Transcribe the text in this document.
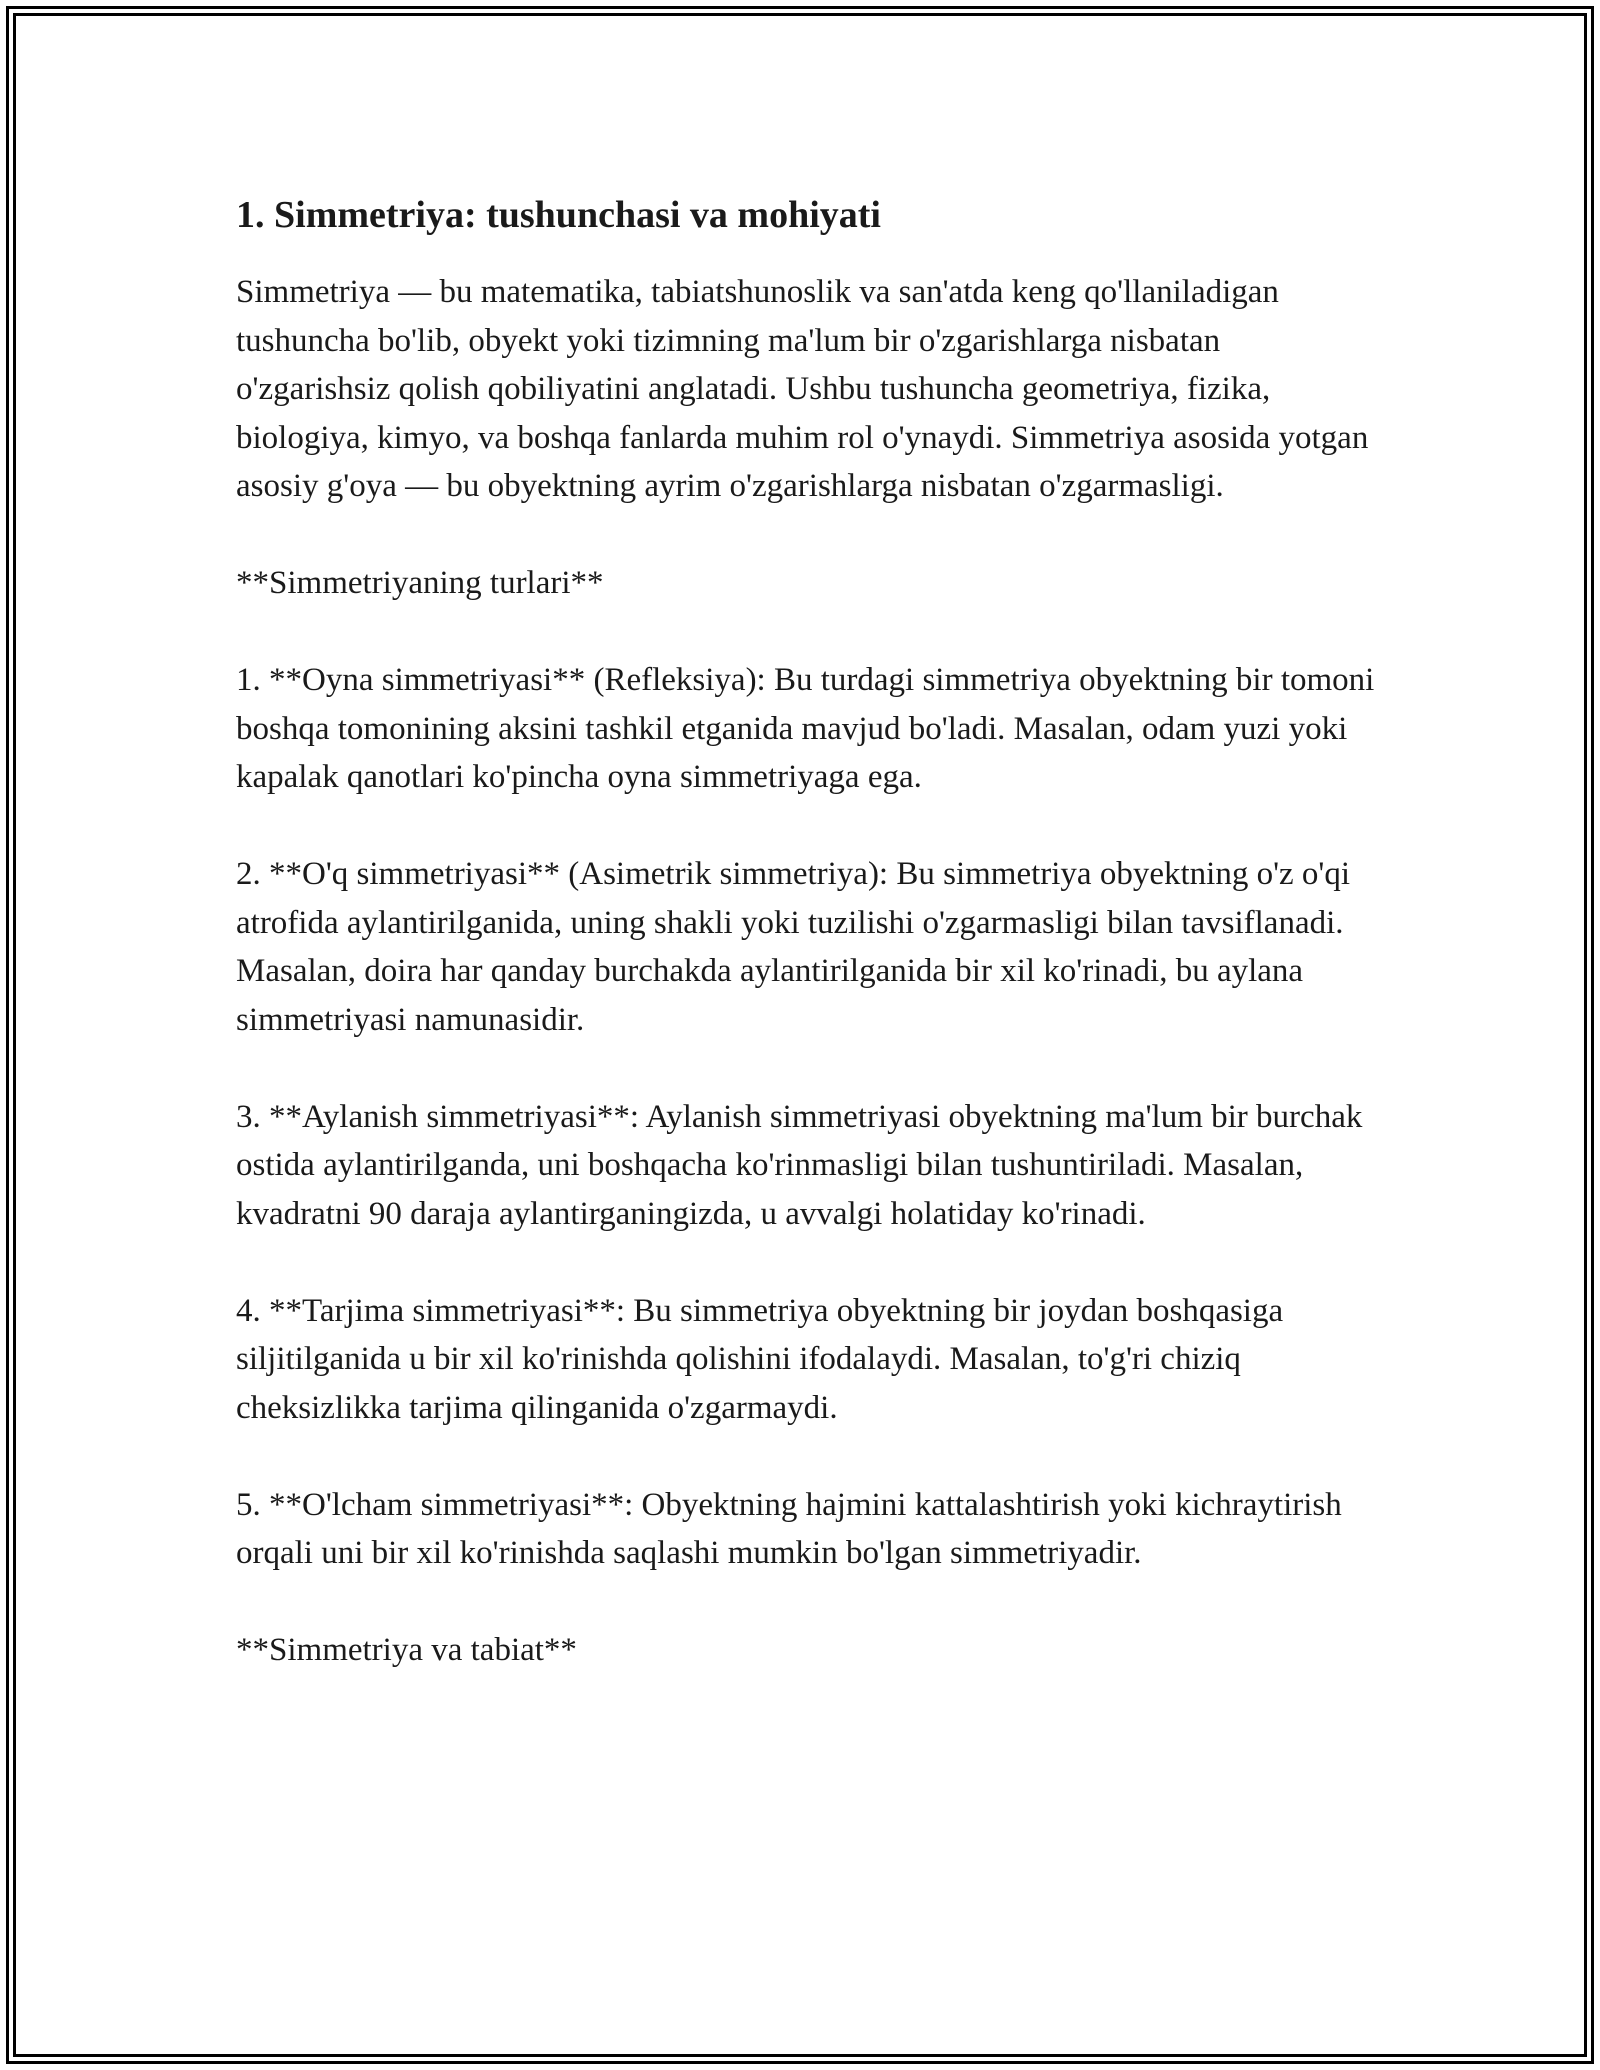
1. Simmetriya: tushunchasi va mohiyati

Simmetriya — bu matematika, tabiatshunoslik va san'atda keng qo'llaniladigan tushuncha bo'lib, obyekt yoki tizimning ma'lum bir o'zgarishlarga nisbatan o'zgarishsiz qolish qobiliyatini anglatadi. Ushbu tushuncha geometriya, fizika, biologiya, kimyo, va boshqa fanlarda muhim rol o'ynaydi. Simmetriya asosida yotgan asosiy g'oya — bu obyektning ayrim o'zgarishlarga nisbatan o'zgarmasligi.

**Simmetriyaning turlari**

1. **Oyna simmetriyasi** (Refleksiya): Bu turdagi simmetriya obyektning bir tomoni boshqa tomonining aksini tashkil etganida mavjud bo'ladi. Masalan, odam yuzi yoki kapalak qanotlari ko'pincha oyna simmetriyaga ega.

2. **O'q simmetriyasi** (Asimetrik simmetriya): Bu simmetriya obyektning o'z o'qi atrofida aylantirilganida, uning shakli yoki tuzilishi o'zgarmasligi bilan tavsiflanadi. Masalan, doira har qanday burchakda aylantirilganida bir xil ko'rinadi, bu aylana simmetriyasi namunasidir.

3. **Aylanish simmetriyasi**: Aylanish simmetriyasi obyektning ma'lum bir burchak ostida aylantirilganda, uni boshqacha ko'rinmasligi bilan tushuntiriladi. Masalan, kvadratni 90 daraja aylantirganingizda, u avvalgi holatiday ko'rinadi.

4. **Tarjima simmetriyasi**: Bu simmetriya obyektning bir joydan boshqasiga siljitilganida u bir xil ko'rinishda qolishini ifodalaydi. Masalan, to'g'ri chiziq cheksizlikka tarjima qilinganida o'zgarmaydi.

5. **O'lcham simmetriyasi**: Obyektning hajmini kattalashtirish yoki kichraytirish orqali uni bir xil ko'rinishda saqlashi mumkin bo'lgan simmetriyadir.

**Simmetriya va tabiat**
